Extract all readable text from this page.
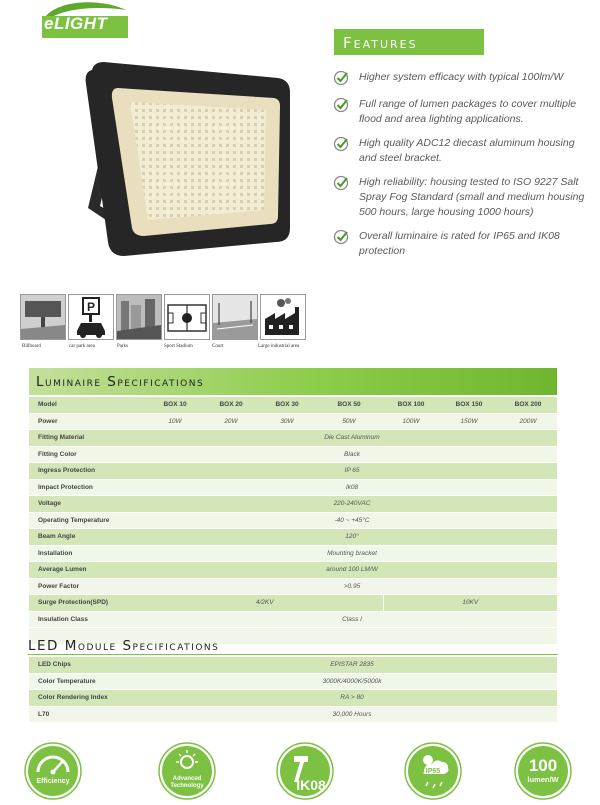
eLIGHT
Features
Higher system efficacy with typical 100lm/W
Full range of lumen packages to cover multiple flood and area lighting applications.
High quality ADC12 diecast aluminum housing and steel bracket.
High reliability: housing tested to ISO 9227 Salt Spray Fog Standard (small and medium housing 500 hours, large housing 1000 hours)
Overall luminaire is rated for IP65 and IK08 protection
P
Billboard	car park area	Parks	Sport Stadium	Court	Large industrial area
Luminaire Specifications
Model	BOX 10	BOX 20	BOX 30	BOX 50	BOX 100	BOX 150	BOX 200
Power	10W	20W	30W	50W	100W	150W	200W
Fitting Material	Die Cast Aluminum						
Fitting Color	Black						
Ingress Protection	IP 65						
Impact Protection	Ik08						
Voltage	220-240VAC						
Operating Temperature	-40 ~ +45°C						
Beam Angle	120°						
Installation	Mounting bracket						
Average Lumen	around 100 LM/W						
Power Factor	>0.95						
Surge Protection(SPD)	4/2KV				10KV		
Insulation Class	Class I						

LED Module Specifications
LED Chips	EPISTAR 2835
Color Temperature	3000K/4000K/5000k
Color Rendering Index	RA > 80
L70	30,000 Hours
Efficiency	Advanced Technology	IK08
IP65	100
lumen/W
